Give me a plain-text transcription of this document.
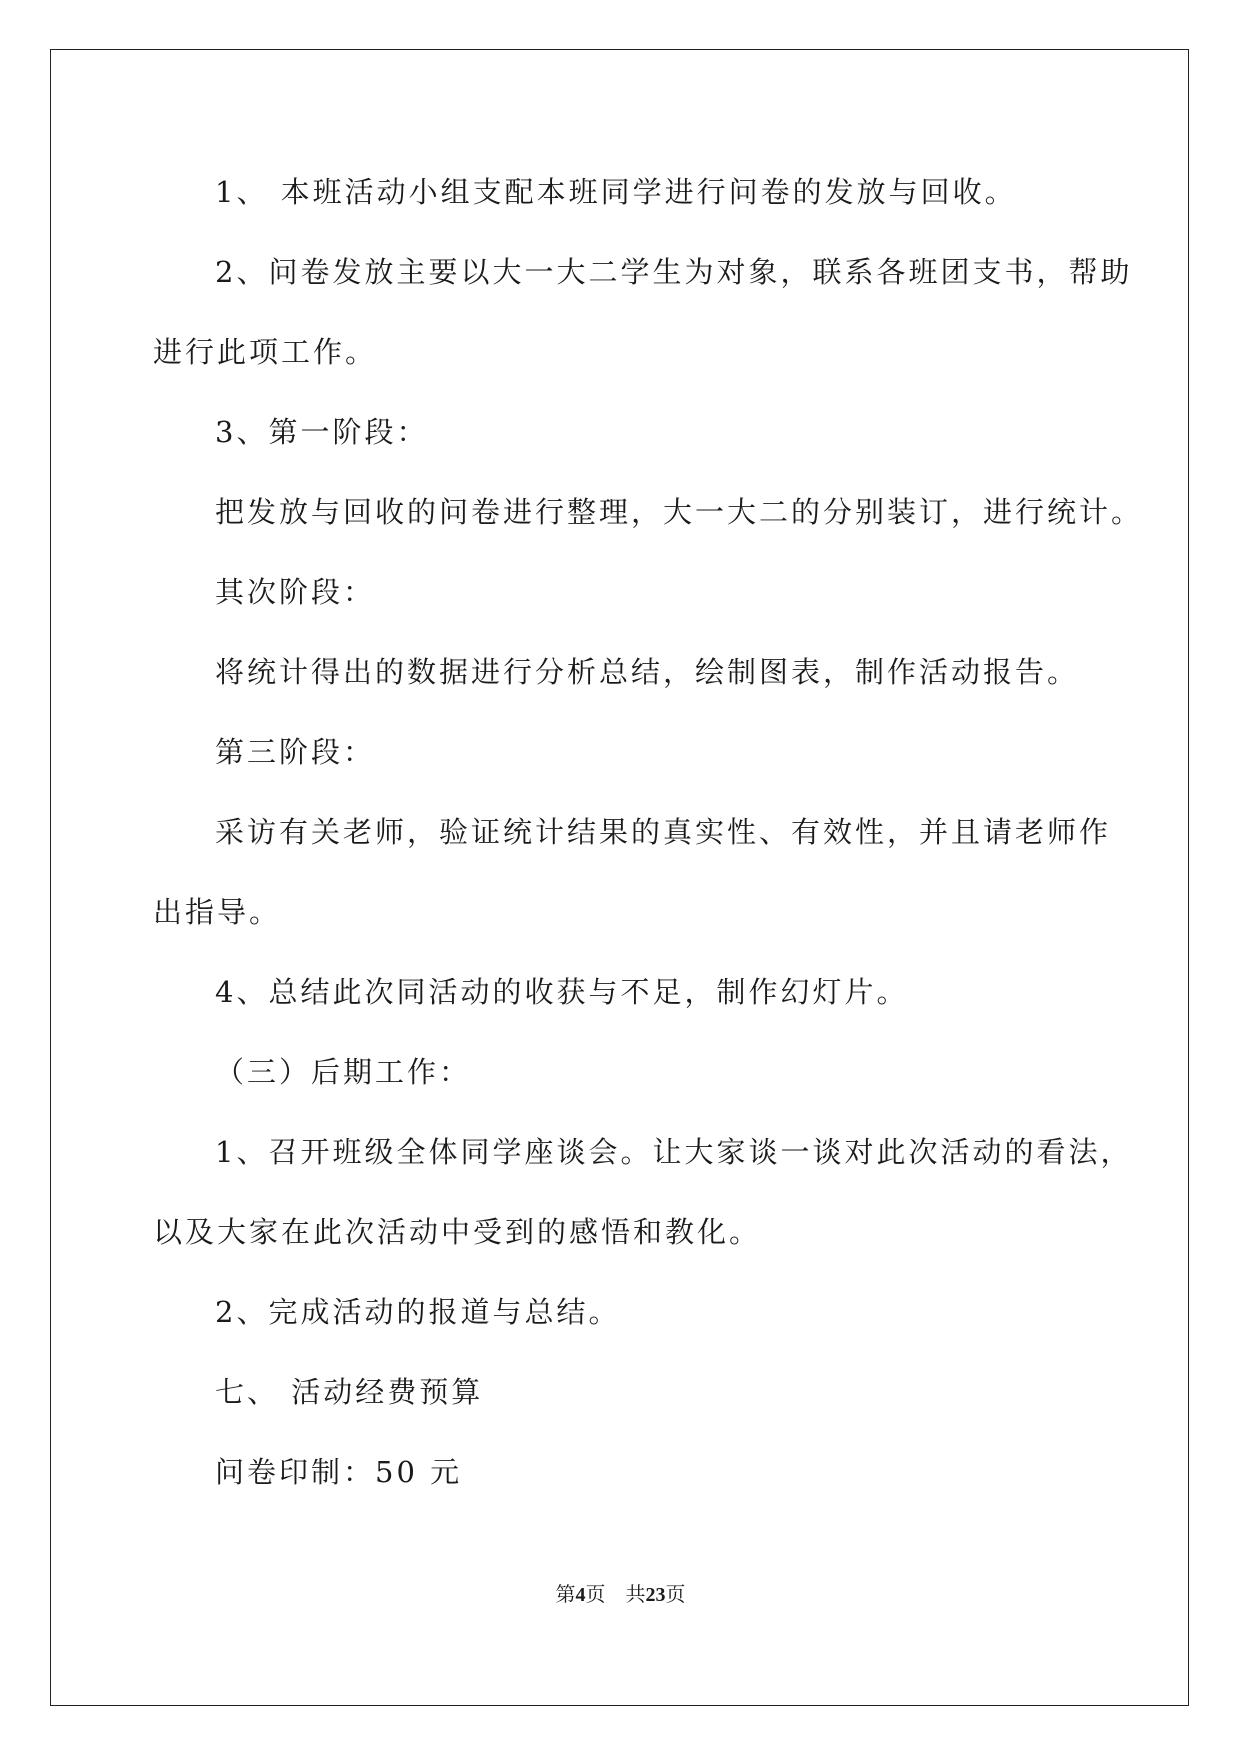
1、 本班活动小组支配本班同学进行问卷的发放与回收。

2、问卷发放主要以大一大二学生为对象，联系各班团支书，帮助

进行此项工作。

3、第一阶段：

把发放与回收的问卷进行整理，大一大二的分别装订，进行统计。

其次阶段：

将统计得出的数据进行分析总结，绘制图表，制作活动报告。

第三阶段：

采访有关老师，验证统计结果的真实性、有效性，并且请老师作

出指导。

4、总结此次同活动的收获与不足，制作幻灯片。

（三）后期工作：

1、召开班级全体同学座谈会。让大家谈一谈对此次活动的看法，

以及大家在此次活动中受到的感悟和教化。

2、完成活动的报道与总结。

七、 活动经费预算

问卷印制：50 元

第4页 共23页
